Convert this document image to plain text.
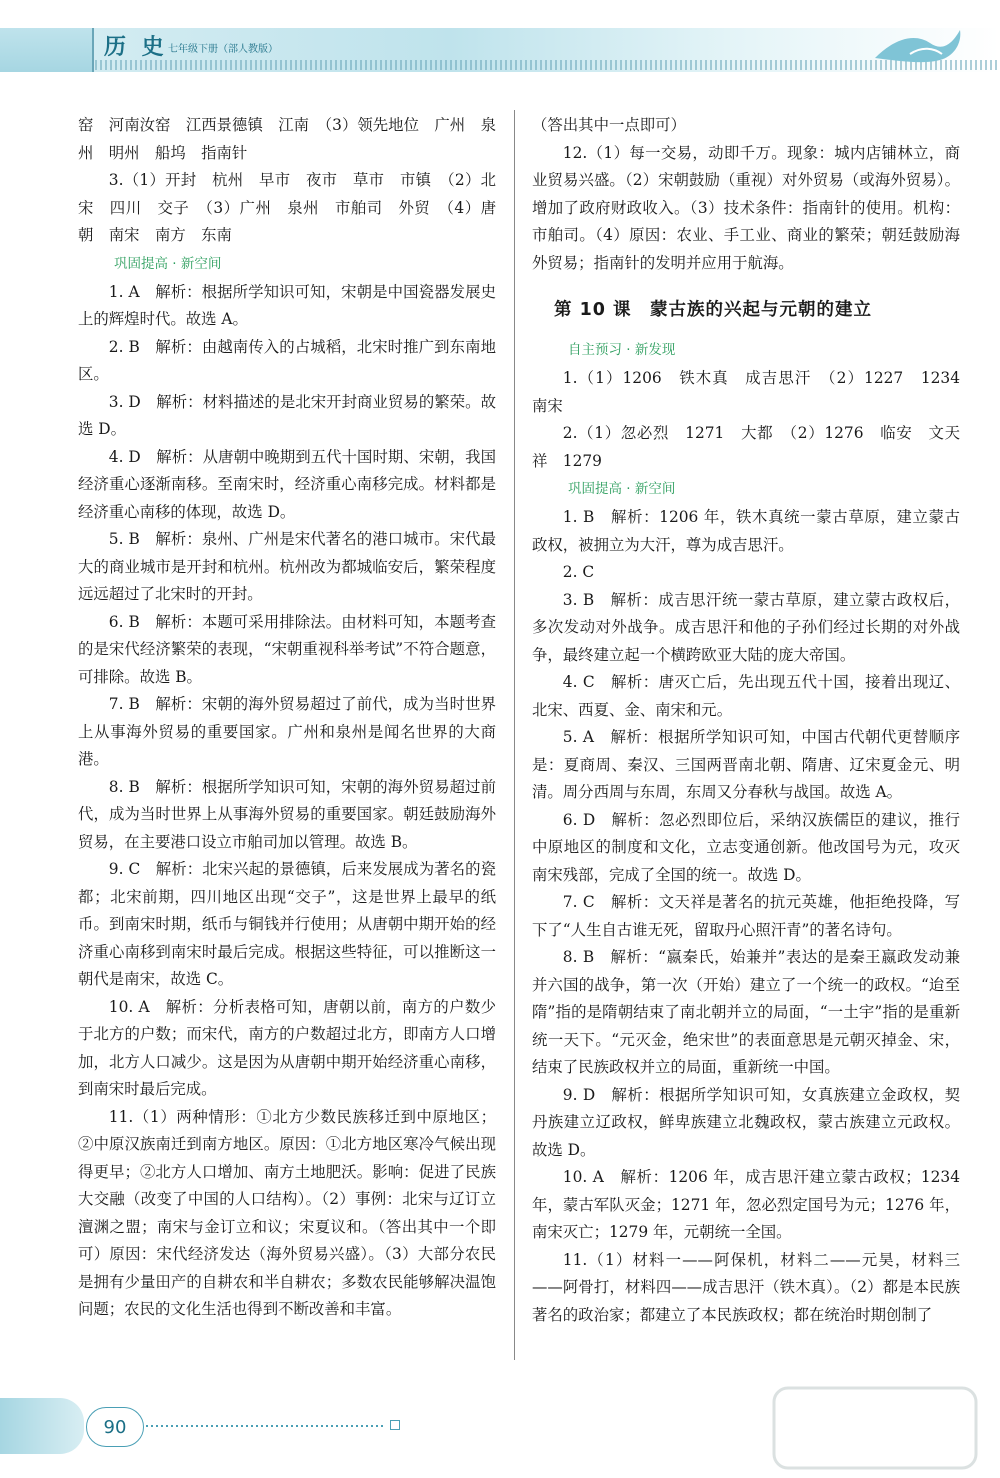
历 史 七年级下册（部人教版）
窑　河南汝窑　江西景德镇　江南　（3）领先地位　广州　泉州　明州　船坞　指南针
3.（1）开封　杭州　早市　夜市　草市　市镇　（2）北宋　四川　交子　（3）广州　泉州　市舶司　外贸　（4）唐朝　南宋　南方　东南
巩固提高 · 新空间
1. A　解析：根据所学知识可知，宋朝是中国瓷器发展史上的辉煌时代。故选 A。
2. B　解析：由越南传入的占城稻，北宋时推广到东南地区。
3. D　解析：材料描述的是北宋开封商业贸易的繁荣。故选 D。
4. D　解析：从唐朝中晚期到五代十国时期、宋朝，我国经济重心逐渐南移。至南宋时，经济重心南移完成。材料都是经济重心南移的体现，故选 D。
5. B　解析：泉州、广州是宋代著名的港口城市。宋代最大的商业城市是开封和杭州。杭州改为都城临安后，繁荣程度远远超过了北宋时的开封。
6. B　解析：本题可采用排除法。由材料可知，本题考查的是宋代经济繁荣的表现，“宋朝重视科举考试”不符合题意，可排除。故选 B。
7. B　解析：宋朝的海外贸易超过了前代，成为当时世界上从事海外贸易的重要国家。广州和泉州是闻名世界的大商港。
8. B　解析：根据所学知识可知，宋朝的海外贸易超过前代，成为当时世界上从事海外贸易的重要国家。朝廷鼓励海外贸易，在主要港口设立市舶司加以管理。故选 B。
9. C　解析：北宋兴起的景德镇，后来发展成为著名的瓷都；北宋前期，四川地区出现“交子”，这是世界上最早的纸币。到南宋时期，纸币与铜钱并行使用；从唐朝中期开始的经济重心南移到南宋时最后完成。根据这些特征，可以推断这一朝代是南宋，故选 C。
10. A　解析：分析表格可知，唐朝以前，南方的户数少于北方的户数；而宋代，南方的户数超过北方，即南方人口增加，北方人口减少。这是因为从唐朝中期开始经济重心南移，到南宋时最后完成。
11.（1）两种情形：①北方少数民族移迁到中原地区；②中原汉族南迁到南方地区。原因：①北方地区寒冷气候出现得更早；②北方人口增加、南方土地肥沃。影响：促进了民族大交融（改变了中国的人口结构）。（2）事例：北宋与辽订立澶渊之盟；南宋与金订立和议；宋夏议和。（答出其中一个即可）原因：宋代经济发达（海外贸易兴盛）。（3）大部分农民是拥有少量田产的自耕农和半自耕农；多数农民能够解决温饱问题；农民的文化生活也得到不断改善和丰富。
（答出其中一点即可）
12.（1）每一交易，动即千万。现象：城内店铺林立，商业贸易兴盛。（2）宋朝鼓励（重视）对外贸易（或海外贸易）。增加了政府财政收入。（3）技术条件：指南针的使用。机构：市舶司。（4）原因：农业、手工业、商业的繁荣；朝廷鼓励海外贸易；指南针的发明并应用于航海。
第 10 课　蒙古族的兴起与元朝的建立
自主预习 · 新发现
1.（1）1206　铁木真　成吉思汗　（2）1227　1234　南宋
2.（1）忽必烈　1271　大都　（2）1276　临安　文天祥　1279
巩固提高 · 新空间
1. B　解析：1206 年，铁木真统一蒙古草原，建立蒙古政权，被拥立为大汗，尊为成吉思汗。
2. C
3. B　解析：成吉思汗统一蒙古草原，建立蒙古政权后，多次发动对外战争。成吉思汗和他的子孙们经过长期的对外战争，最终建立起一个横跨欧亚大陆的庞大帝国。
4. C　解析：唐灭亡后，先出现五代十国，接着出现辽、北宋、西夏、金、南宋和元。
5. A　解析：根据所学知识可知，中国古代朝代更替顺序是：夏商周、秦汉、三国两晋南北朝、隋唐、辽宋夏金元、明清。周分西周与东周，东周又分春秋与战国。故选 A。
6. D　解析：忽必烈即位后，采纳汉族儒臣的建议，推行中原地区的制度和文化，立志变通创新。他改国号为元，攻灭南宋残部，完成了全国的统一。故选 D。
7. C　解析：文天祥是著名的抗元英雄，他拒绝投降，写下了“人生自古谁无死，留取丹心照汗青”的著名诗句。
8. B　解析：“嬴秦氏，始兼并”表达的是秦王嬴政发动兼并六国的战争，第一次（开始）建立了一个统一的政权。“迨至隋”指的是隋朝结束了南北朝并立的局面，“一土宇”指的是重新统一天下。“元灭金，绝宋世”的表面意思是元朝灭掉金、宋，结束了民族政权并立的局面，重新统一中国。
9. D　解析：根据所学知识可知，女真族建立金政权，契丹族建立辽政权，鲜卑族建立北魏政权，蒙古族建立元政权。故选 D。
10. A　解析：1206 年，成吉思汗建立蒙古政权；1234 年，蒙古军队灭金；1271 年，忽必烈定国号为元；1276 年，南宋灭亡；1279 年，元朝统一全国。
11.（1）材料一——阿保机，材料二——元昊，材料三——阿骨打，材料四——成吉思汗（铁木真）。（2）都是本民族著名的政治家；都建立了本民族政权；都在统治时期创制了
90
